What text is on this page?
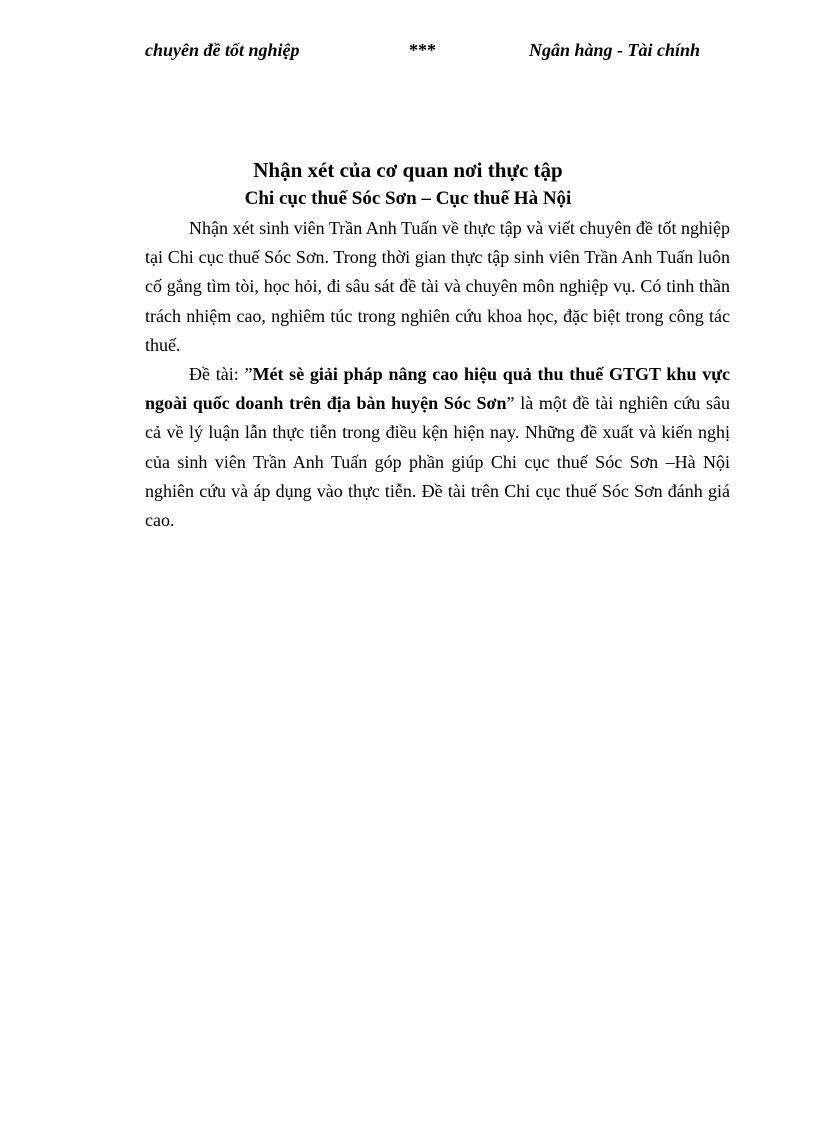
chuyên đề tốt nghiệp	***	Ngân hàng - Tài chính
Nhận xét của cơ quan nơi thực tập
Chi cục thuế Sóc Sơn – Cục thuế Hà Nội

Nhận xét sinh viên Trần Anh Tuấn về thực tập và viết chuyên đề tốt nghiệp tại Chi cục thuế Sóc Sơn. Trong thời gian thực tập sinh viên Trần Anh Tuấn luôn cố gắng tìm tòi, học hỏi, đi sâu sát đề tài và chuyên môn nghiệp vụ. Có tinh thần trách nhiệm cao, nghiêm túc trong nghiên cứu khoa học, đặc biệt trong công tác thuế.

Đề tài: ”Mét sè giải pháp nâng cao hiệu quả thu thuế GTGT khu vực ngoài quốc doanh trên địa bàn huyện Sóc Sơn” là một đề tài nghiên cứu sâu cả về lý luận lẫn thực tiễn trong điều kện hiện nay. Những đề xuất và kiến nghị của sinh viên Trần Anh Tuấn góp phần giúp Chi cục thuế Sóc Sơn –Hà Nội nghiên cứu và áp dụng vào thực tiễn. Đề tài trên Chi cục thuế Sóc Sơn đánh giá cao.
